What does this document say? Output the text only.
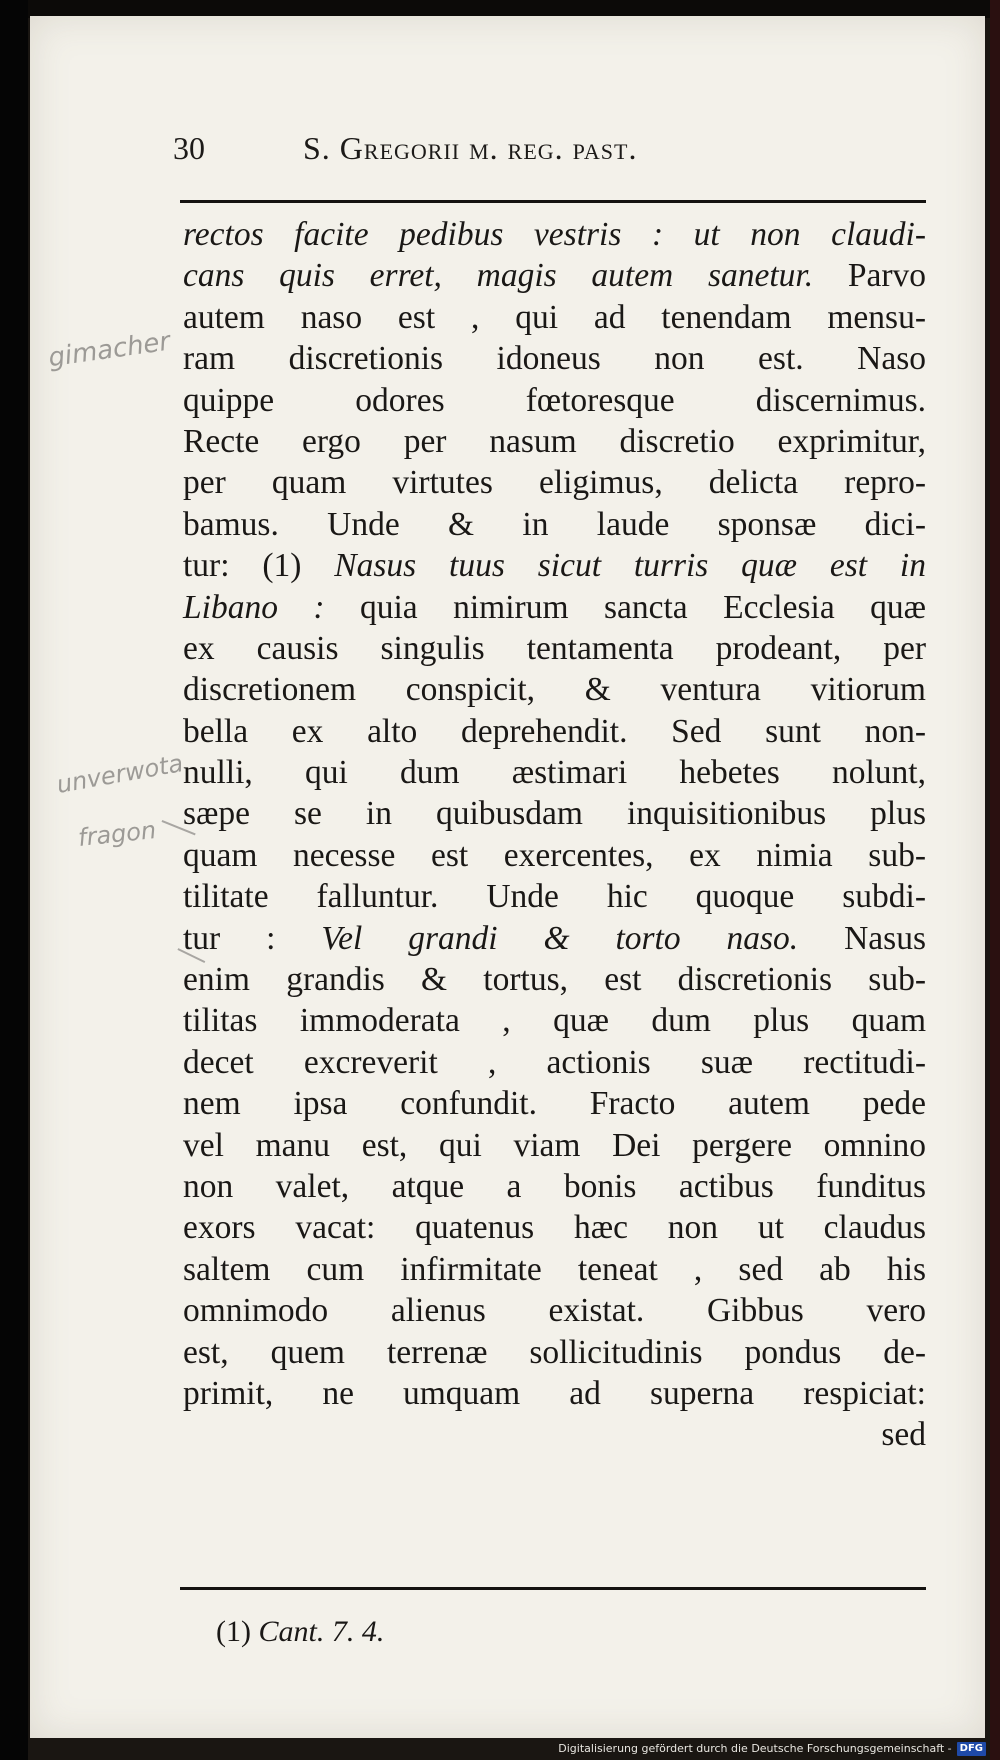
30	S. Gregorii m. reg. past.
rectos facite pedibus vestris : ut non claudi-
cans quis erret, magis autem sanetur. Parvo
autem naso est , qui ad tenendam mensu-
ram discretionis idoneus non est. Naso
quippe odores fœtoresque discernimus.
Recte ergo per nasum discretio exprimitur,
per quam virtutes eligimus, delicta repro-
bamus. Unde & in laude sponsæ dici-
tur: (1) Nasus tuus sicut turris quæ est in
Libano : quia nimirum sancta Ecclesia quæ
ex causis singulis tentamenta prodeant, per
discretionem conspicit, & ventura vitiorum
bella ex alto deprehendit. Sed sunt non-
nulli, qui dum æstimari hebetes nolunt,
sæpe se in quibusdam inquisitionibus plus
quam necesse est exercentes, ex nimia sub-
tilitate falluntur. Unde hic quoque subdi-
tur : Vel grandi & torto naso. Nasus
enim grandis & tortus, est discretionis sub-
tilitas immoderata , quæ dum plus quam
decet excreverit , actionis suæ rectitudi-
nem ipsa confundit. Fracto autem pede
vel manu est, qui viam Dei pergere omnino
non valet, atque a bonis actibus funditus
exors vacat: quatenus hæc non ut claudus
saltem cum infirmitate teneat , sed ab his
omnimodo alienus existat. Gibbus vero
est, quem terrenæ sollicitudinis pondus de-
primit, ne umquam ad superna respiciat:
sed
(1) Cant. 7. 4.
gimacher
unverwota
fragon
Digitalisierung gefördert durch die Deutsche Forschungsgemeinschaft - DFG
